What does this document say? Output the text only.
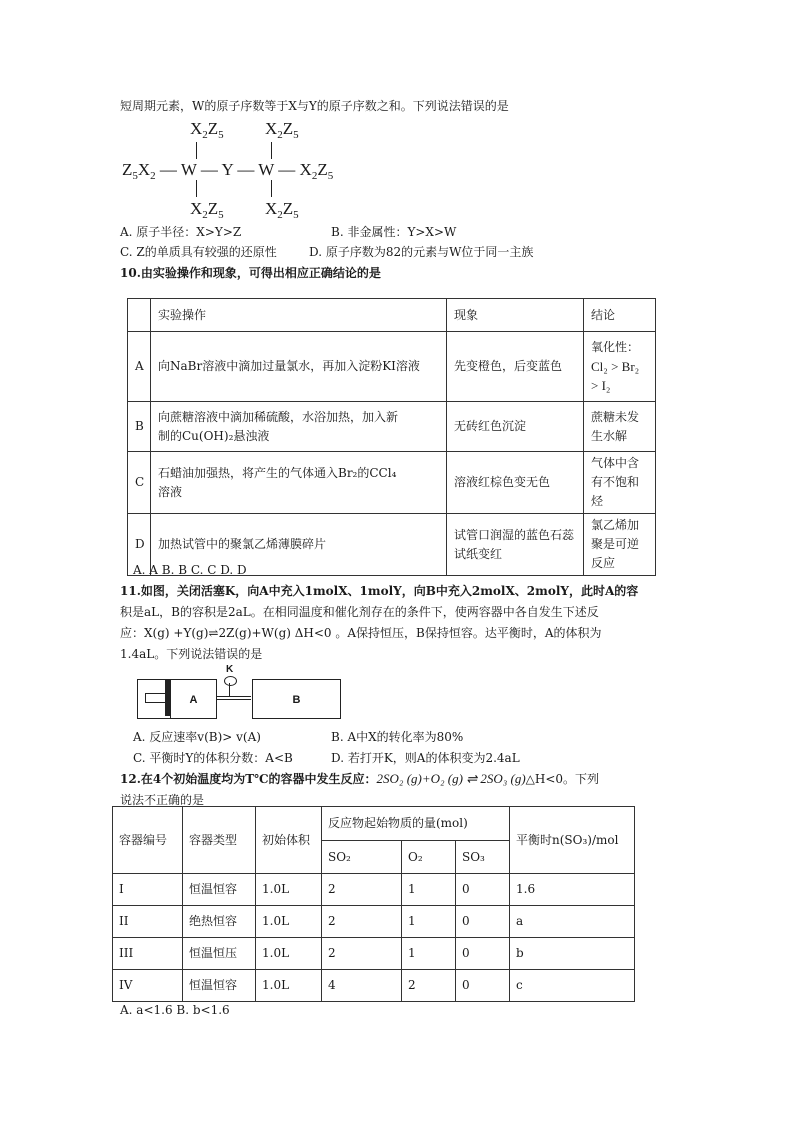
短周期元素，W的原子序数等于X与Y的原子序数之和。下列说法错误的是
$X_2Z_5$ $X_2Z_5$
$Z_5X_2$ — W — Y — W — $X_2Z_5$
$X_2Z_5$ $X_2Z_5$
A. 原子半径：X>Y>Z	B. 非金属性：Y>X>W
C. Z的单质具有较强的还原性	D. 原子序数为82的元素与W位于同一主族
10.由实验操作和现象，可得出相应正确结论的是
	实验操作	现象	结论
A	向NaBr溶液中滴加过量氯水，再加入淀粉KI溶液	先变橙色，后变蓝色	氧化性：
Cl₂ > Br₂ > I₂

B	向蔗糖溶液中滴加稀硫酸，水浴加热，加入新
制的Cu(OH)₂悬浊液	无砖红色沉淀	蔗糖未发生水解
C	石蜡油加强热，将产生的气体通入Br₂的CCl₄
溶液	溶液红棕色变无色	气体中含有不饱和烃
D	加热试管中的聚氯乙烯薄膜碎片	试管口润湿的蓝色石蕊试纸变红	氯乙烯加聚是可逆反应
A. A B. B C. C D. D
11.如图，关闭活塞K，向A中充入1molX、1molY，向B中充入2molX、2molY，此时A的容
积是aL，B的容积是2aL。在相同温度和催化剂存在的条件下，使两容器中各自发生下述反
应：X(g) +Y(g)⇌2Z(g)+W(g) ΔH<0 。A保持恒压，B保持恒容。达平衡时，A的体积为
1.4aL。下列说法错误的是
A
K
B
A. 反应速率v(B)> v(A)	B. A中X的转化率为80%
C. 平衡时Y的体积分数：A<B	D. 若打开K，则A的体积变为2.4aL
12.在4个初始温度均为T℃的容器中发生反应：2SO₂ (g)+O₂ (g) ⇌ 2SO₃ (g)△H<0。下列
说法不正确的是
容器编号	容器类型	初始体积	反应物起始物质的量(mol)			平衡时n(SO₃)/mol
			SO₂	O₂	SO₃	
I	恒温恒容	1.0L	2	1	0	1.6
II	绝热恒容	1.0L	2	1	0	a
III	恒温恒压	1.0L	2	1	0	b
IV	恒温恒容	1.0L	4	2	0	c
A. a<1.6 B. b<1.6
